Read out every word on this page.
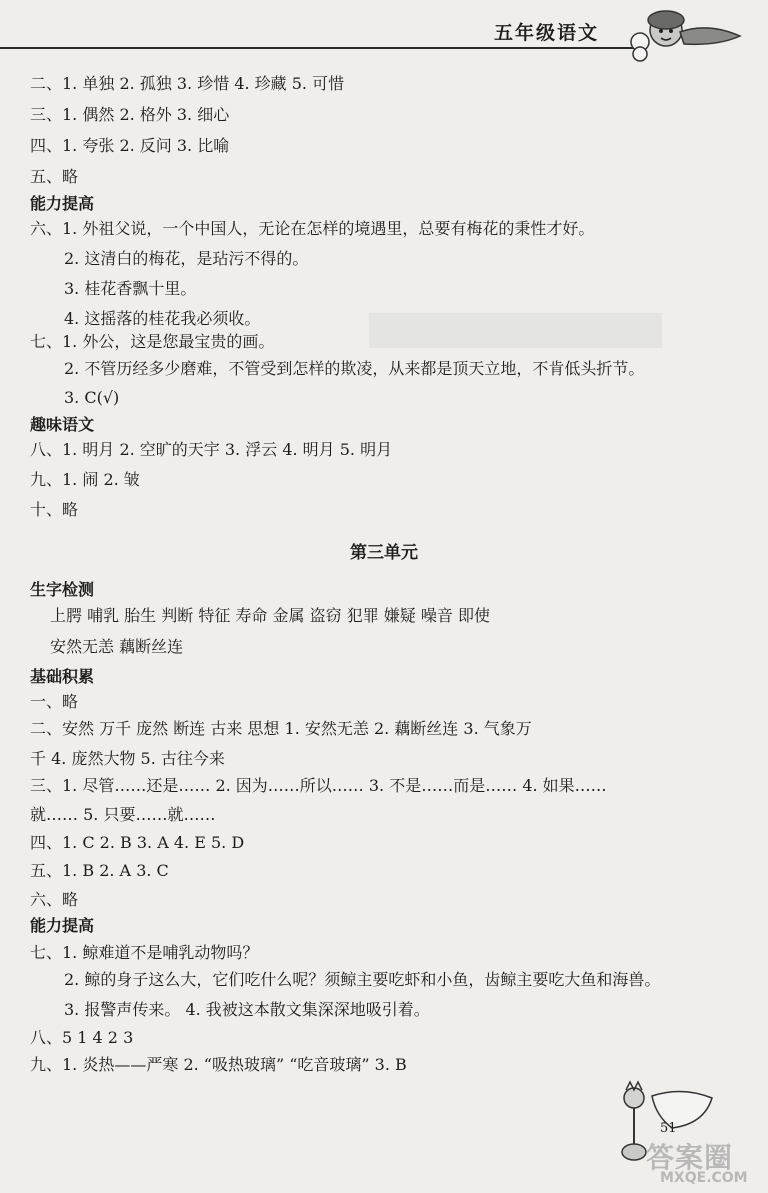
五年级语文
二、1. 单独 2. 孤独 3. 珍惜 4. 珍藏 5. 可惜
三、1. 偶然 2. 格外 3. 细心
四、1. 夸张 2. 反问 3. 比喻
五、略
能力提高
六、1. 外祖父说，一个中国人，无论在怎样的境遇里，总要有梅花的秉性才好。
2. 这清白的梅花，是玷污不得的。
3. 桂花香飘十里。
4. 这摇落的桂花我必须收。
七、1. 外公，这是您最宝贵的画。
2. 不管历经多少磨难，不管受到怎样的欺凌，从来都是顶天立地，不肯低头折节。
3. C(√)
趣味语文
八、1. 明月 2. 空旷的天宇 3. 浮云 4. 明月 5. 明月
九、1. 闹 2. 皱
十、略
第三单元
生字检测
上腭 哺乳 胎生 判断 特征 寿命 金属 盗窃 犯罪 嫌疑 噪音 即使
安然无恙 藕断丝连
基础积累
一、略
二、安然 万千 庞然 断连 古来 思想 1. 安然无恙 2. 藕断丝连 3. 气象万
千 4. 庞然大物 5. 古往今来
三、1. 尽管……还是…… 2. 因为……所以…… 3. 不是……而是…… 4. 如果……
就…… 5. 只要……就……
四、1. C 2. B 3. A 4. E 5. D
五、1. B 2. A 3. C
六、略
能力提高
七、1. 鲸难道不是哺乳动物吗？
2. 鲸的身子这么大，它们吃什么呢？须鲸主要吃虾和小鱼，齿鲸主要吃大鱼和海兽。
3. 报警声传来。 4. 我被这本散文集深深地吸引着。
八、5 1 4 2 3
九、1. 炎热——严寒 2. “吸热玻璃” “吃音玻璃” 3. B
51
答案圈
MXQE.COM
